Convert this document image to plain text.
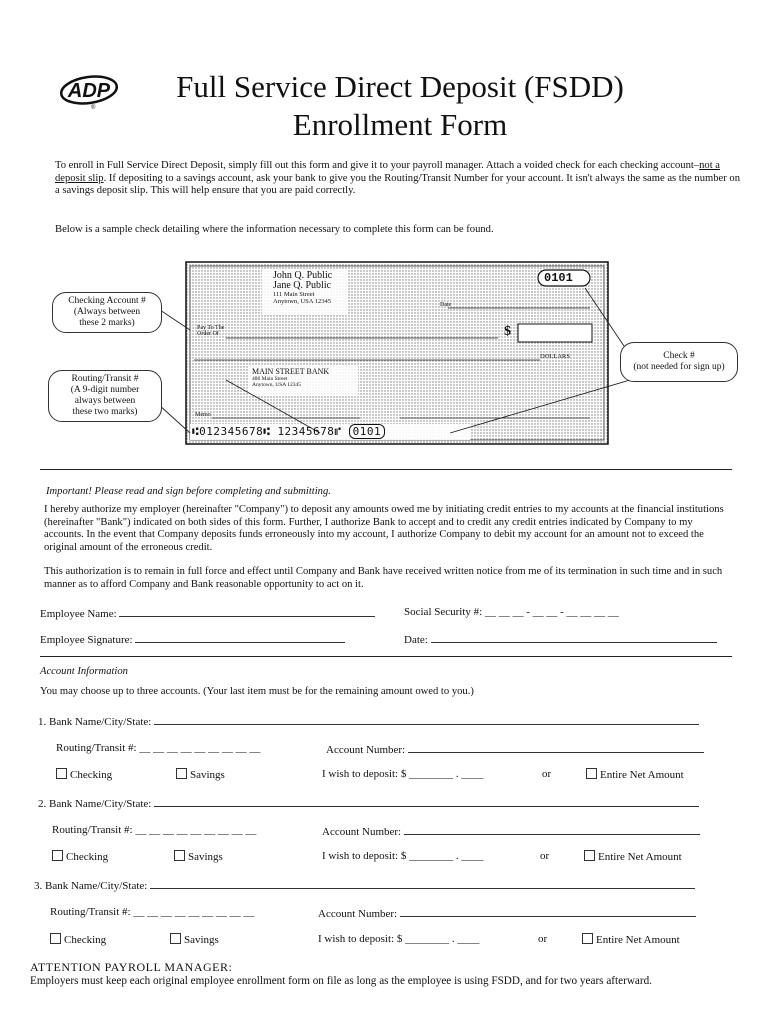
ADP
®
Full Service Direct Deposit (FSDD)
Enrollment Form

To enroll in Full Service Direct Deposit, simply fill out this form and give it to your payroll manager. Attach a voided check for each checking account–not a deposit slip. If depositing to a savings account, ask your bank to give you the Routing/Transit Number for your account. It isn't always the same as the number on a savings deposit slip. This will help ensure that you are paid correctly.

Below is a sample check detailing where the information necessary to complete this form can be found.

John Q. Public
Jane Q. Public
111 Main Street
Anytown, USA 12345
0101
Date
Pay To The
Order Of	$
DOLLARS
MAIN STREET BANK
486 Main Street
Anytown, USA 12345
Memo
⑆012345678⑆ 12345678⑈ 0101
Checking Account #
(Always between
these 2 marks)
Routing/Transit #
(A 9-digit number
always between
these two marks)
Check #
(not needed for sign up)
Important! Please read and sign before completing and submitting.

I hereby authorize my employer (hereinafter "Company") to deposit any amounts owed me by initiating credit entries to my accounts at the financial institutions (hereinafter "Bank") indicated on both sides of this form. Further, I authorize Bank to accept and to credit any credit entries indicated by Company to my accounts. In the event that Company deposits funds erroneously into my account, I authorize Company to debit my account for an amount not to exceed the original amount of the erroneous credit.

This authorization is to remain in full force and effect until Company and Bank have received written notice from me of its termination in such time and in such manner as to afford Company and Bank reasonable opportunity to act on it.

Employee Name:	Social Security #: __ __ __ - __ __ - __ __ __ __
Employee Signature:	Date:
Account Information
You may choose up to three accounts. (Your last item must be for the remaining amount owed to you.)
1. Bank Name/City/State:
Routing/Transit #: __ __ __ __ __ __ __ __ __	Account Number:
Checking	Savings	I wish to deposit: $ ________ . ____	or	Entire Net Amount
2. Bank Name/City/State:
Routing/Transit #: __ __ __ __ __ __ __ __ __	Account Number:
Checking	Savings	I wish to deposit: $ ________ . ____	or	Entire Net Amount
3. Bank Name/City/State:
Routing/Transit #: __ __ __ __ __ __ __ __ __	Account Number:
Checking	Savings	I wish to deposit: $ ________ . ____	or	Entire Net Amount
ATTENTION PAYROLL MANAGER:
Employers must keep each original employee enrollment form on file as long as the employee is using FSDD, and for two years afterward.
